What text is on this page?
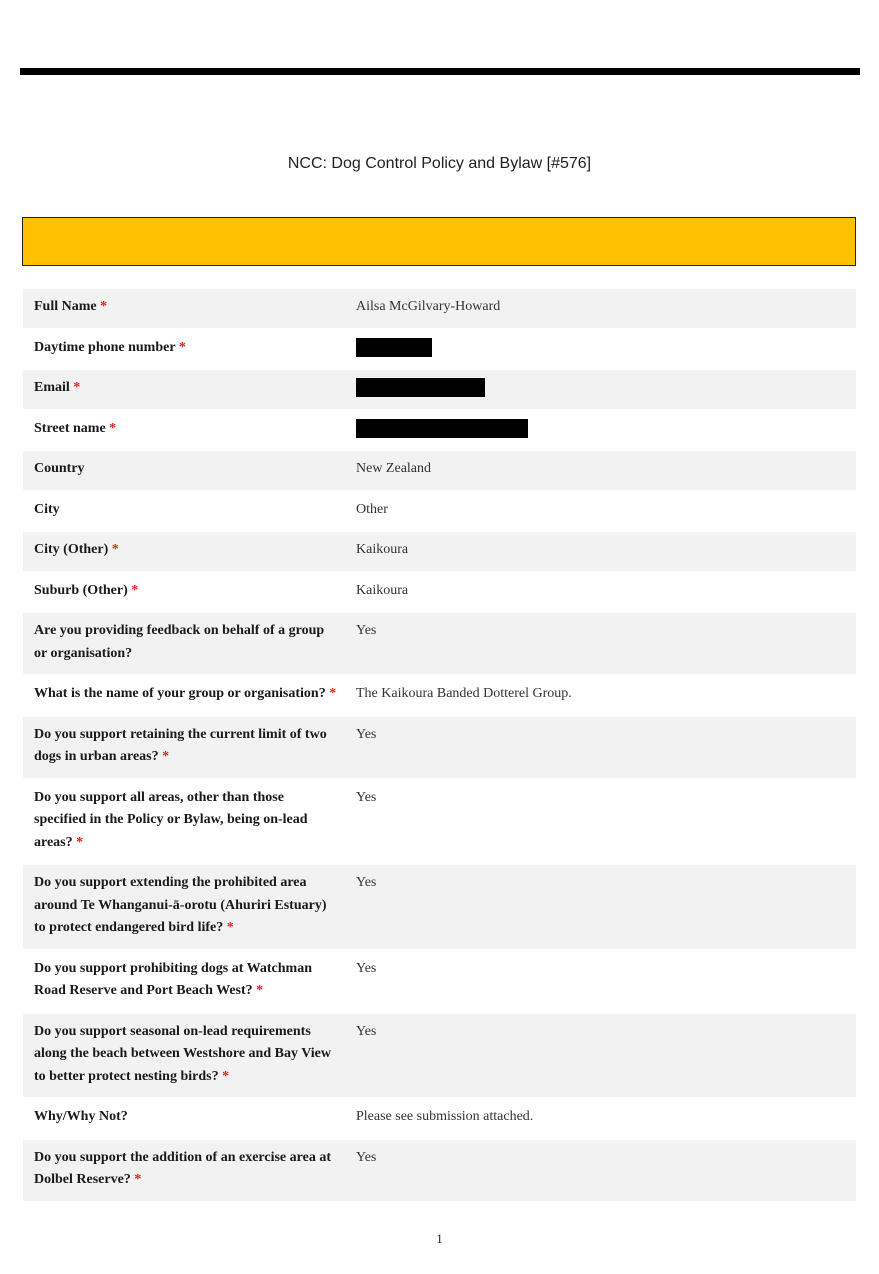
NCC: Dog Control Policy and Bylaw [#576]
Full Name *	Ailsa McGilvary-Howard
Daytime phone number *	
Email *	
Street name *	
Country	New Zealand
City	Other
City (Other) *	Kaikoura
Suburb (Other) *	Kaikoura
Are you providing feedback on behalf of a group or organisation?	Yes
What is the name of your group or organisation? *	The Kaikoura Banded Dotterel Group.
Do you support retaining the current limit of two dogs in urban areas? *	Yes
Do you support all areas, other than those specified in the Policy or Bylaw, being on-lead areas? *	Yes
Do you support extending the prohibited area around Te Whanganui-ā-orotu (Ahuriri Estuary) to protect endangered bird life? *	Yes
Do you support prohibiting dogs at Watchman Road Reserve and Port Beach West? *	Yes
Do you support seasonal on-lead requirements along the beach between Westshore and Bay View to better protect nesting birds? *	Yes
Why/Why Not?	Please see submission attached.
Do you support the addition of an exercise area at Dolbel Reserve? *	Yes
1
